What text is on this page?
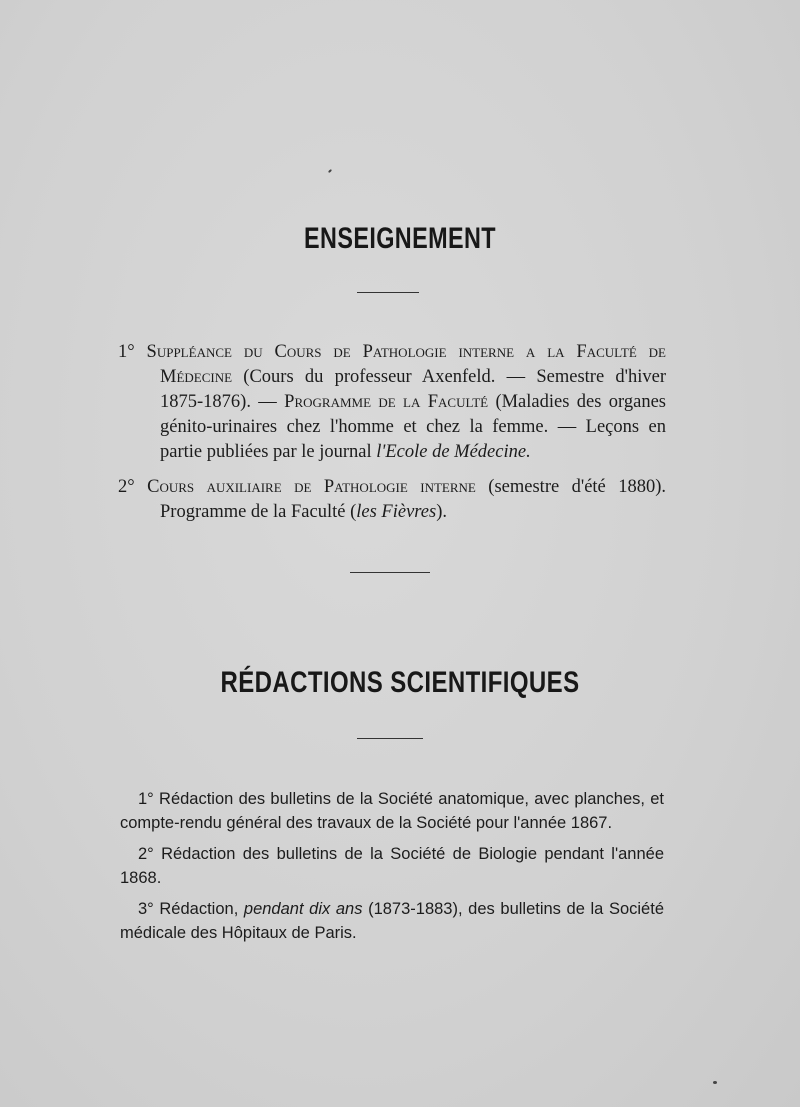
ENSEIGNEMENT

1° Suppléance du Cours de Pathologie interne a la Faculté de Médecine (Cours du professeur Axenfeld. — Semestre d'hiver 1875-1876). — Programme de la Faculté (Maladies des organes génito-urinaires chez l'homme et chez la femme. — Leçons en partie publiées par le journal l'Ecole de Médecine.

2° Cours auxiliaire de Pathologie interne (semestre d'été 1880). Programme de la Faculté (les Fièvres).

RÉDACTIONS SCIENTIFIQUES

1° Rédaction des bulletins de la Société anatomique, avec planches, et compte-rendu général des travaux de la Société pour l'année 1867.

2° Rédaction des bulletins de la Société de Biologie pendant l'année 1868.

3° Rédaction, pendant dix ans (1873-1883), des bulletins de la Société médicale des Hôpitaux de Paris.
